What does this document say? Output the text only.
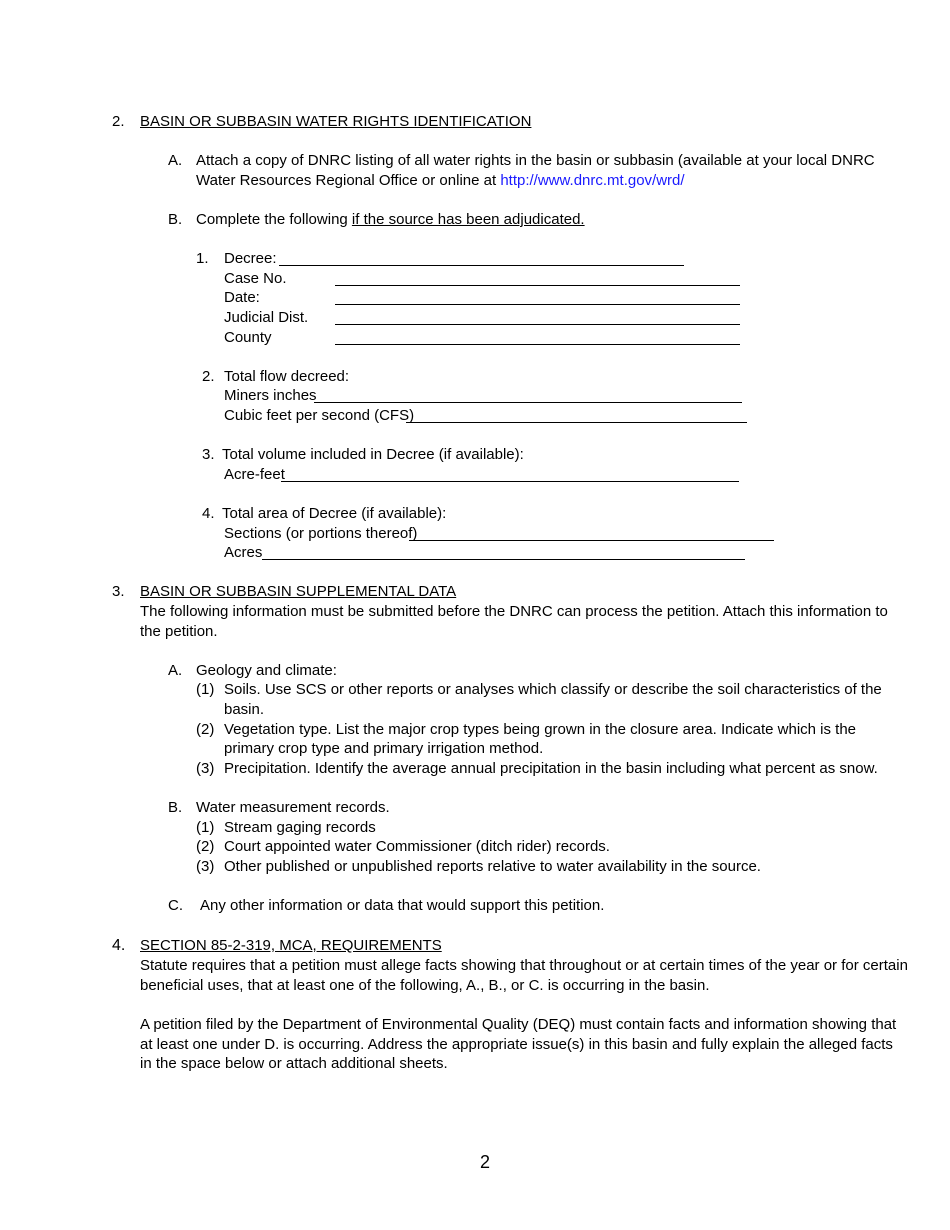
2. BASIN OR SUBBASIN WATER RIGHTS IDENTIFICATION
A. Attach a copy of DNRC listing of all water rights in the basin or subbasin (available at your local DNRC
Water Resources Regional Office or online at http://www.dnrc.mt.gov/wrd/
B. Complete the following if the source has been adjudicated.
1. Decree:
Case No.
Date:
Judicial Dist.
County
2. Total flow decreed:
Miners inches
Cubic feet per second (CFS)
3. Total volume included in Decree (if available):
Acre-feet
4. Total area of Decree (if available):
Sections (or portions thereof)
Acres
3. BASIN OR SUBBASIN SUPPLEMENTAL DATA
The following information must be submitted before the DNRC can process the petition. Attach this information to
the petition.
A. Geology and climate:
(1) Soils. Use SCS or other reports or analyses which classify or describe the soil characteristics of the
basin.
(2) Vegetation type. List the major crop types being grown in the closure area. Indicate which is the
primary crop type and primary irrigation method.
(3) Precipitation. Identify the average annual precipitation in the basin including what percent as snow.
B. Water measurement records.
(1) Stream gaging records
(2) Court appointed water Commissioner (ditch rider) records.
(3) Other published or unpublished reports relative to water availability in the source.
C. Any other information or data that would support this petition.
4. SECTION 85-2-319, MCA, REQUIREMENTS
Statute requires that a petition must allege facts showing that throughout or at certain times of the year or for certain
beneficial uses, that at least one of the following, A., B., or C. is occurring in the basin.
A petition filed by the Department of Environmental Quality (DEQ) must contain facts and information showing that
at least one under D. is occurring. Address the appropriate issue(s) in this basin and fully explain the alleged facts
in the space below or attach additional sheets.
2
